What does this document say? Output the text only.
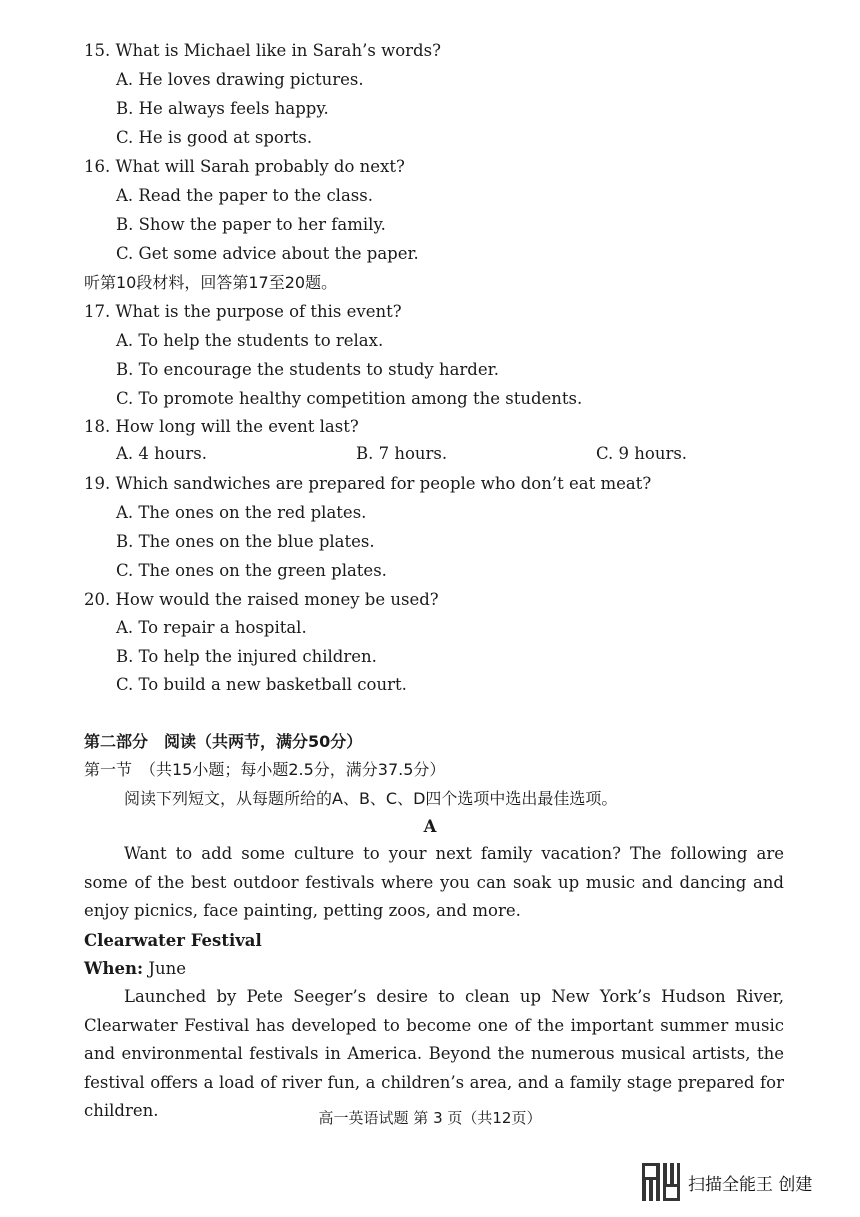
15. What is Michael like in Sarah’s words?
A. He loves drawing pictures.
B. He always feels happy.
C. He is good at sports.
16. What will Sarah probably do next?
A. Read the paper to the class.
B. Show the paper to her family.
C. Get some advice about the paper.
听第10段材料，回答第17至20题。
17. What is the purpose of this event?
A. To help the students to relax.
B. To encourage the students to study harder.
C. To promote healthy competition among the students.
18. How long will the event last?
A. 4 hours.	B. 7 hours.	C. 9 hours.
19. Which sandwiches are prepared for people who don’t eat meat?
A. The ones on the red plates.
B. The ones on the blue plates.
C. The ones on the green plates.
20. How would the raised money be used?
A. To repair a hospital.
B. To help the injured children.
C. To build a new basketball court.
第二部分　阅读（共两节，满分50分）
第一节　（共15小题；每小题2.5分，满分37.5分）
阅读下列短文，从每题所给的A、B、C、D四个选项中选出最佳选项。
A
Want to add some culture to your next family vacation? The following are some of the best outdoor festivals where you can soak up music and dancing and enjoy picnics, face painting, petting zoos, and more.
Clearwater Festival
When: June
Launched by Pete Seeger’s desire to clean up New York’s Hudson River, Clearwater Festival has developed to become one of the important summer music and environmental festivals in America. Beyond the numerous musical artists, the festival offers a load of river fun, a children’s area, and a family stage prepared for children.	高一英语试题 第 3 页（共12页）
扫描全能王 创建
